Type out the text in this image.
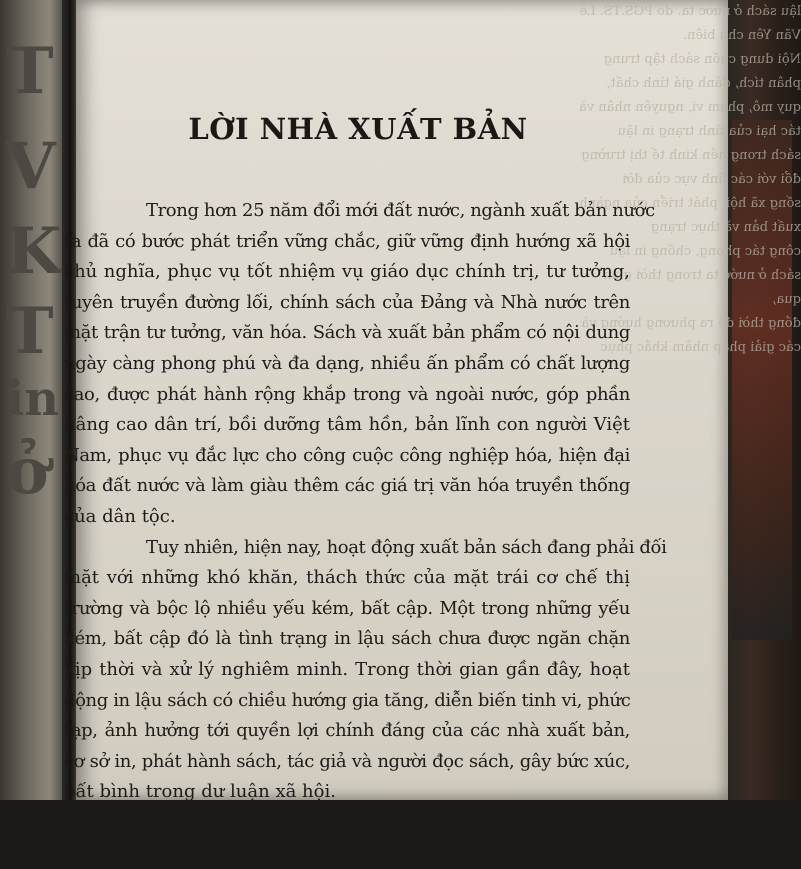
T
V
K
T
in
ở
lậu sách ở nước ta. do PGS.TS. Lê Văn Yên chủ biên.
Nội dung cuốn sách tập trung phân tích, đánh giá tình chất,
quy mô, phạm vi, nguyên nhân và tác hại của tình trạng in lậu
sách trong nền kinh tế thị trường đổi với các lĩnh vực của đời
sống xã hội, phát triển của ngành xuất bản và thực trạng
công tác phòng, chống in lậu sách ở nước ta trong thời gian qua,
đồng thời đề ra phương hướng và các giải pháp nhằm khắc phục
LỜI NHÀ XUẤT BẢN

Trong hơn 25 năm đổi mới đất nước, ngành xuất bản nước
ta đã có bước phát triển vững chắc, giữ vững định hướng xã hội
chủ nghĩa, phục vụ tốt nhiệm vụ giáo dục chính trị, tư tưởng,
tuyên truyền đường lối, chính sách của Đảng và Nhà nước trên
mặt trận tư tưởng, văn hóa. Sách và xuất bản phẩm có nội dung
ngày càng phong phú và đa dạng, nhiều ấn phẩm có chất lượng
cao, được phát hành rộng khắp trong và ngoài nước, góp phần
nâng cao dân trí, bồi dưỡng tâm hồn, bản lĩnh con người Việt
Nam, phục vụ đắc lực cho công cuộc công nghiệp hóa, hiện đại
hóa đất nước và làm giàu thêm các giá trị văn hóa truyền thống
của dân tộc.

Tuy nhiên, hiện nay, hoạt động xuất bản sách đang phải đối
mặt với những khó khăn, thách thức của mặt trái cơ chế thị
trường và bộc lộ nhiều yếu kém, bất cập. Một trong những yếu
kém, bất cập đó là tình trạng in lậu sách chưa được ngăn chặn
kịp thời và xử lý nghiêm minh. Trong thời gian gần đây, hoạt
động in lậu sách có chiều hướng gia tăng, diễn biến tinh vi, phức
tạp, ảnh hưởng tới quyền lợi chính đáng của các nhà xuất bản,
cơ sở in, phát hành sách, tác giả và người đọc sách, gây bức xúc,
bất bình trong dư luận xã hội.

Nhằm góp phần tìm hiểu thực trạng in lậu sách ở nước ta
hiện nay, Nhà xuất bản Chính trị quốc gia - Sự thật xuất bản
